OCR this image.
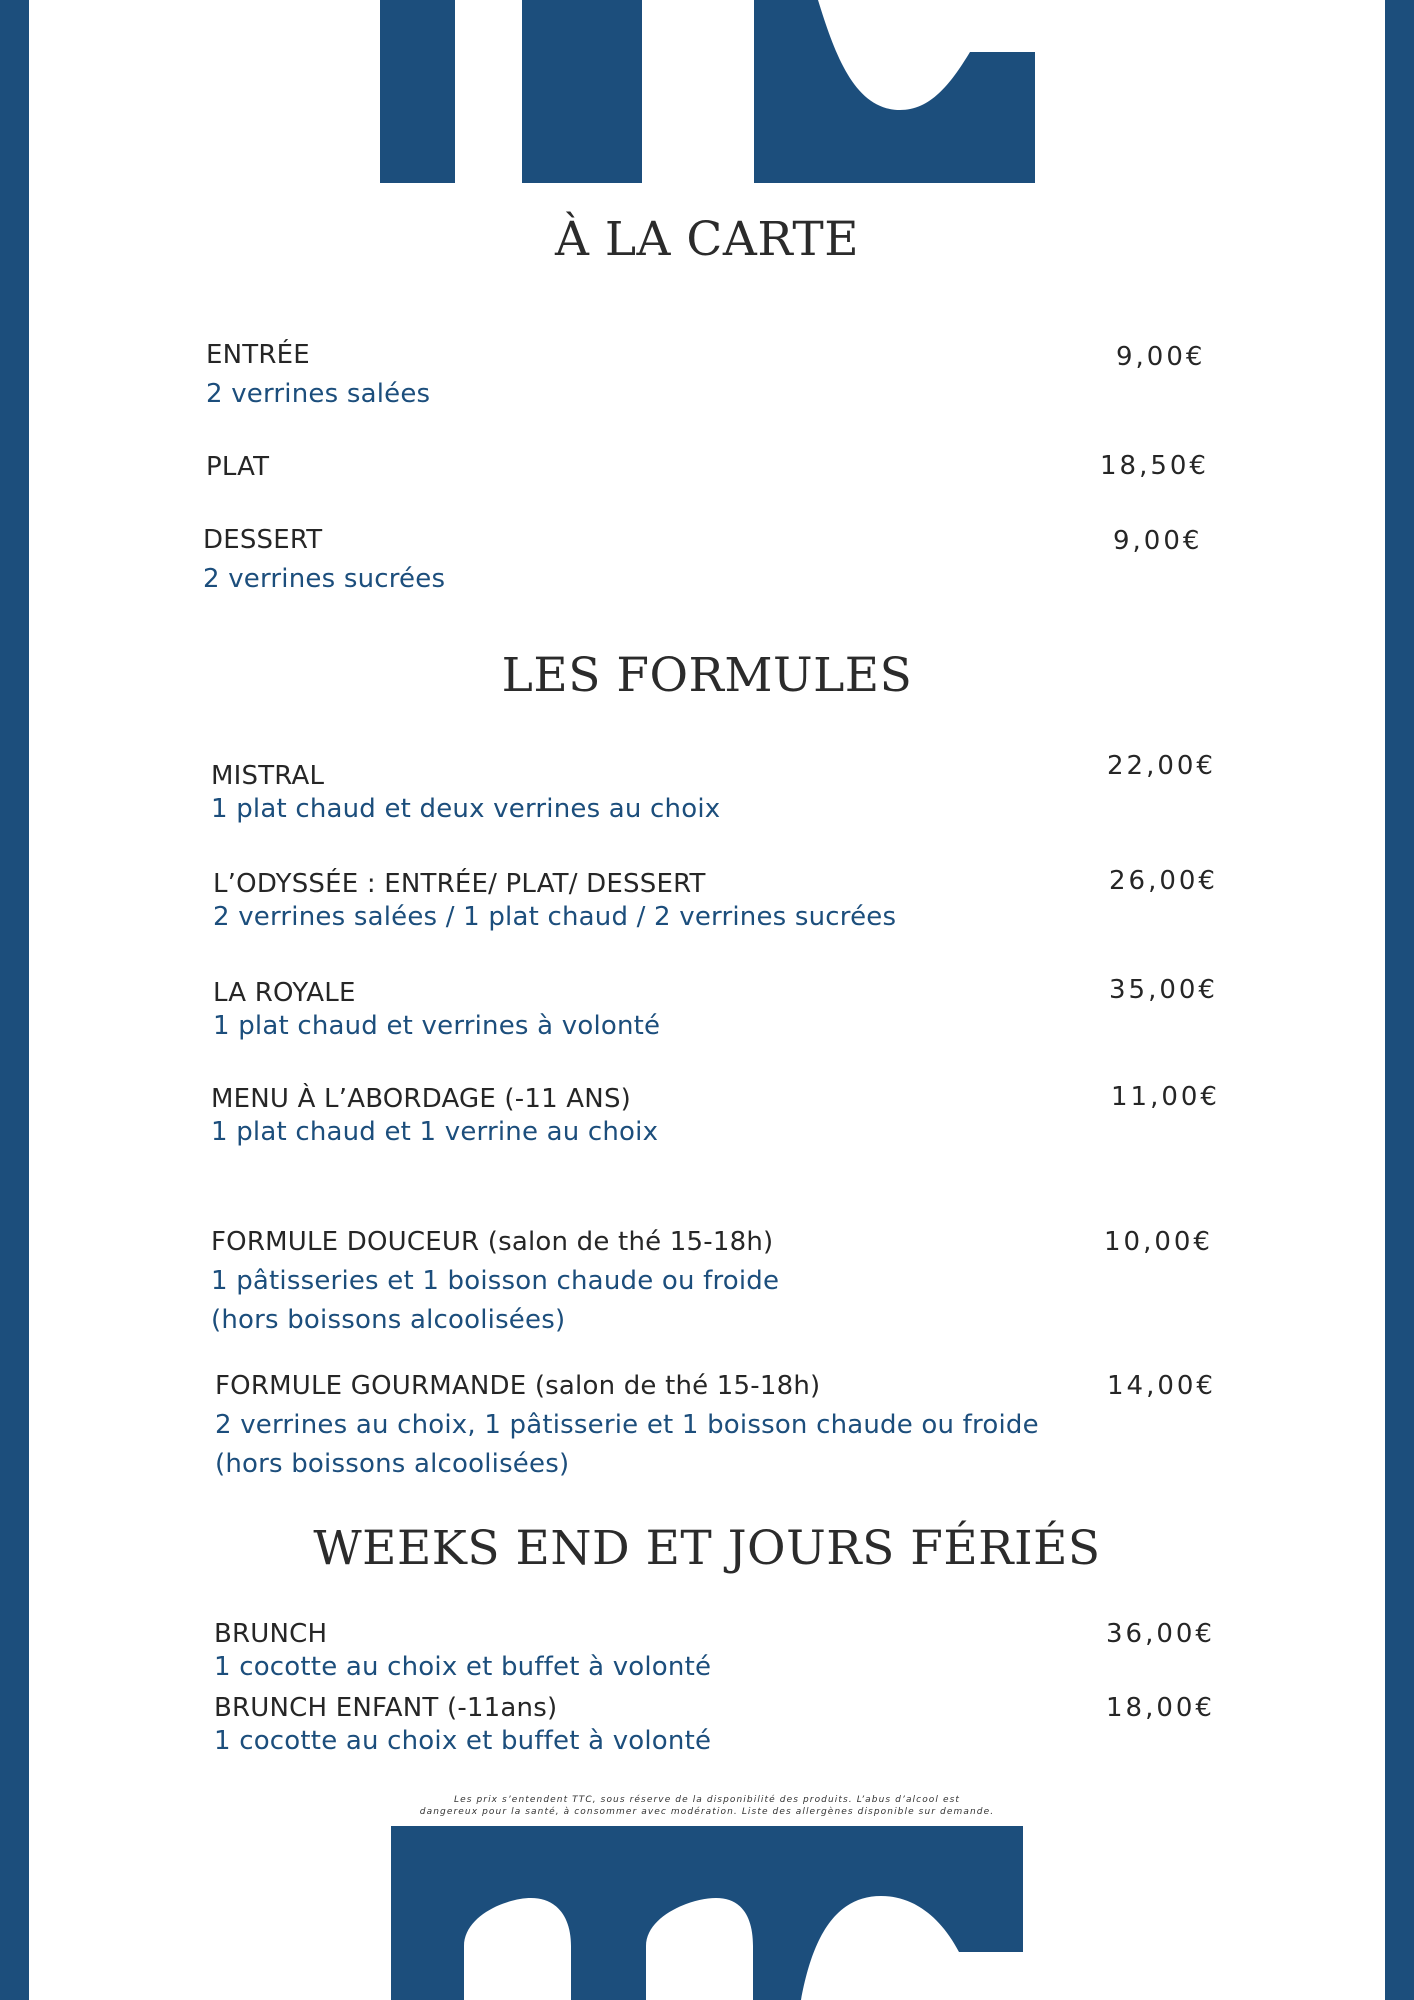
À LA CARTE
ENTRÉE
2 verrines salées
9,00€
PLAT	18,50€
DESSERT
2 verrines sucrées
9,00€
LES FORMULES
MISTRAL
1 plat chaud et deux verrines au choix
22,00€
L’ODYSSÉE : ENTRÉE/ PLAT/ DESSERT
2 verrines salées / 1 plat chaud / 2 verrines sucrées
26,00€
LA ROYALE
1 plat chaud et verrines à volonté
35,00€
MENU À L’ABORDAGE (-11 ANS)
1 plat chaud et 1 verrine au choix
11,00€
FORMULE DOUCEUR (salon de thé 15-18h)
1 pâtisseries et 1 boisson chaude ou froide
(hors boissons alcoolisées)
10,00€
FORMULE GOURMANDE (salon de thé 15-18h)
2 verrines au choix, 1 pâtisserie et 1 boisson chaude ou froide
(hors boissons alcoolisées)
14,00€
WEEKS END ET JOURS FÉRIÉS
BRUNCH
1 cocotte au choix et buffet à volonté
36,00€
BRUNCH ENFANT (-11ans)
1 cocotte au choix et buffet à volonté
18,00€
Les prix s’entendent TTC, sous réserve de la disponibilité des produits. L’abus d’alcool est
dangereux pour la santé, à consommer avec modération. Liste des allergènes disponible sur demande.
